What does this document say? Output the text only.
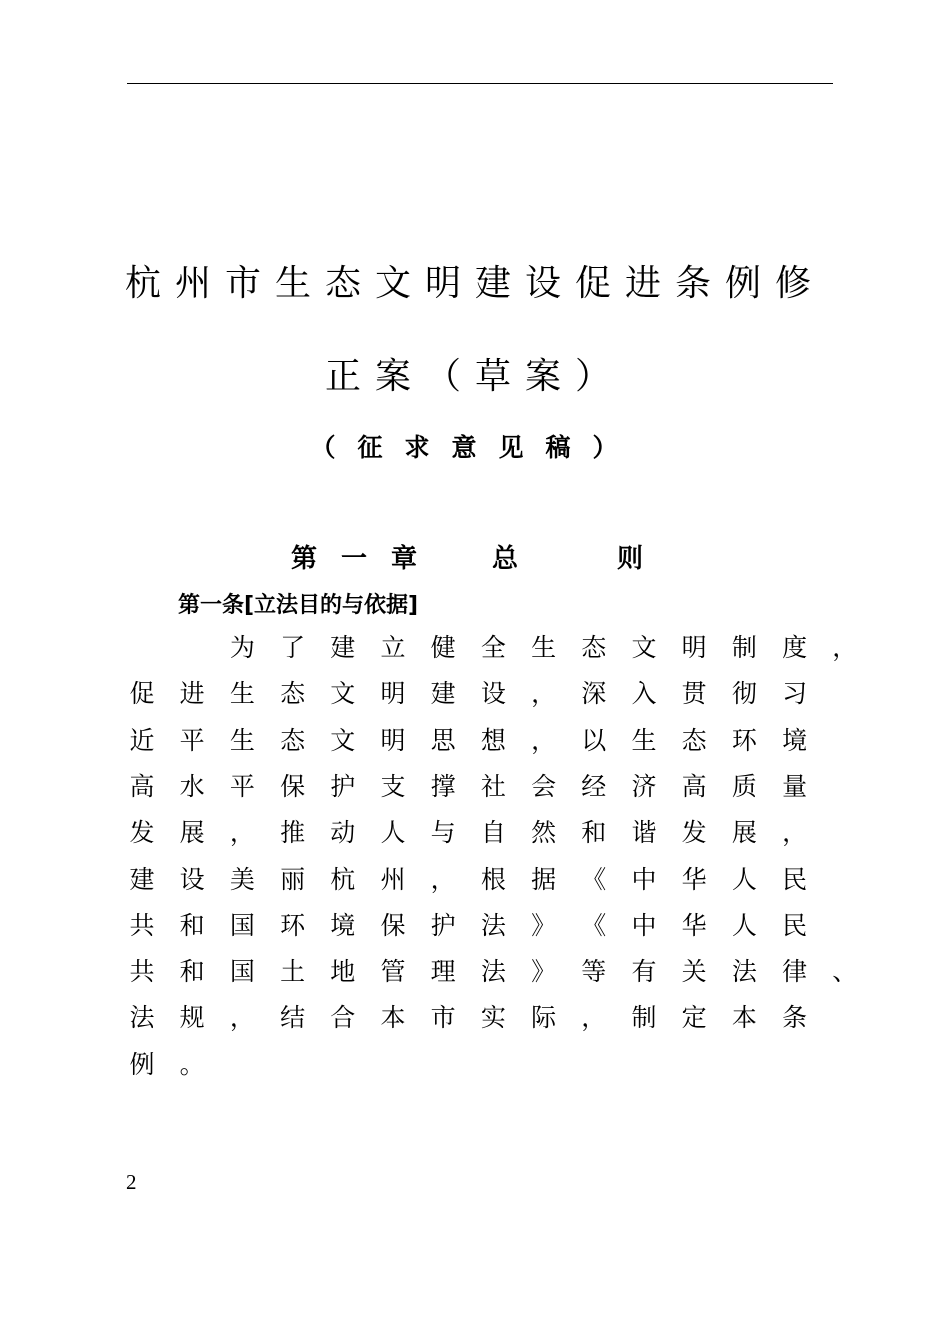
杭州市生态文明建设促进条例修
正案（草案）
（征求意见稿）
第一章 总	则
第一条[立法目的与依据]
为 了 建 立 健 全 生 态 文 明 制 度 ，
促 进 生 态 文 明 建 设 ， 深 入 贯 彻 习
近 平 生 态 文 明 思 想 ， 以 生 态 环 境
高 水 平 保 护 支 撑 社 会 经 济 高 质 量
发 展 ， 推 动 人 与 自 然 和 谐 发 展 ，
建 设 美 丽 杭 州 ， 根 据 《 中 华 人 民
共 和 国 环 境 保 护 法 》 《 中 华 人 民
共 和 国 土 地 管 理 法 》 等 有 关 法 律 、
法 规 ， 结 合 本 市 实 际 ， 制 定 本 条
例 。
2
